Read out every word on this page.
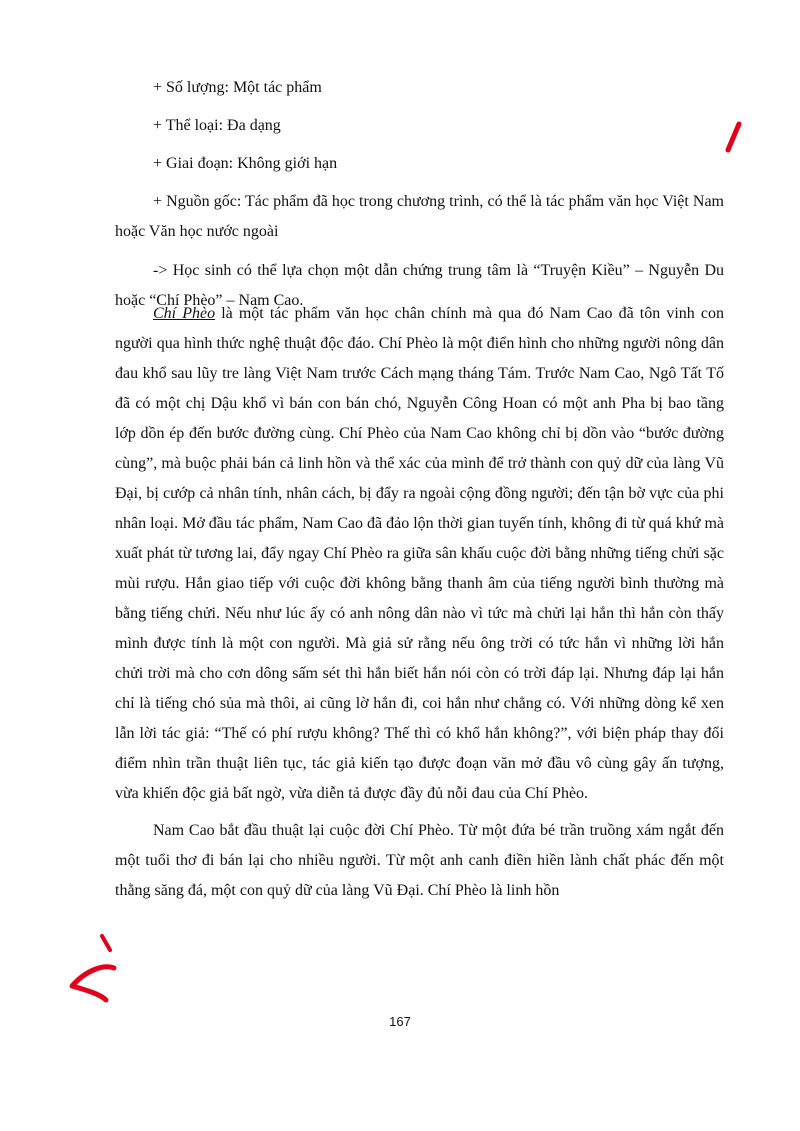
+ Số lượng: Một tác phẩm

+ Thể loại: Đa dạng

+ Giai đoạn: Không giới hạn

+ Nguồn gốc: Tác phẩm đã học trong chương trình, có thể là tác phẩm văn học Việt Nam hoặc Văn học nước ngoài

-> Học sinh có thể lựa chọn một dẫn chứng trung tâm là “Truyện Kiều” – Nguyễn Du hoặc “Chí Phèo” – Nam Cao.

Chí Phèo là một tác phẩm văn học chân chính mà qua đó Nam Cao đã tôn vinh con người qua hình thức nghệ thuật độc đáo. Chí Phèo là một điển hình cho những người nông dân đau khổ sau lũy tre làng Việt Nam trước Cách mạng tháng Tám. Trước Nam Cao, Ngô Tất Tố đã có một chị Dậu khổ vì bán con bán chó, Nguyễn Công Hoan có một anh Pha bị bao tầng lớp dồn ép đến bước đường cùng. Chí Phèo của Nam Cao không chỉ bị dồn vào “bước đường cùng”, mà buộc phải bán cả linh hồn và thể xác của mình để trở thành con quỷ dữ của làng Vũ Đại, bị cướp cả nhân tính, nhân cách, bị đẩy ra ngoài cộng đồng người; đến tận bờ vực của phi nhân loại. Mở đầu tác phẩm, Nam Cao đã đảo lộn thời gian tuyến tính, không đi từ quá khứ mà xuất phát từ tương lai, đẩy ngay Chí Phèo ra giữa sân khấu cuộc đời bằng những tiếng chửi sặc mùi rượu. Hắn giao tiếp với cuộc đời không bằng thanh âm của tiếng người bình thường mà bằng tiếng chửi. Nếu như lúc ấy có anh nông dân nào vì tức mà chửi lại hắn thì hắn còn thấy mình được tính là một con người. Mà giả sử rằng nếu ông trời có tức hắn vì những lời hắn chửi trời mà cho cơn dông sấm sét thì hắn biết hắn nói còn có trời đáp lại. Nhưng đáp lại hắn chỉ là tiếng chó sủa mà thôi, ai cũng lờ hắn đi, coi hắn như chẳng có. Với những dòng kể xen lẫn lời tác giả: “Thế có phí rượu không? Thế thì có khổ hắn không?”, với biện pháp thay đổi điểm nhìn trần thuật liên tục, tác giả kiến tạo được đoạn văn mở đầu vô cùng gây ấn tượng, vừa khiến độc giả bất ngờ, vừa diễn tả được đầy đủ nỗi đau của Chí Phèo.

Nam Cao bắt đầu thuật lại cuộc đời Chí Phèo. Từ một đứa bé trần truồng xám ngắt đến một tuổi thơ đi bán lại cho nhiều người. Từ một anh canh điền hiền lành chất phác đến một thằng săng đá, một con quỷ dữ của làng Vũ Đại. Chí Phèo là linh hồn

167
